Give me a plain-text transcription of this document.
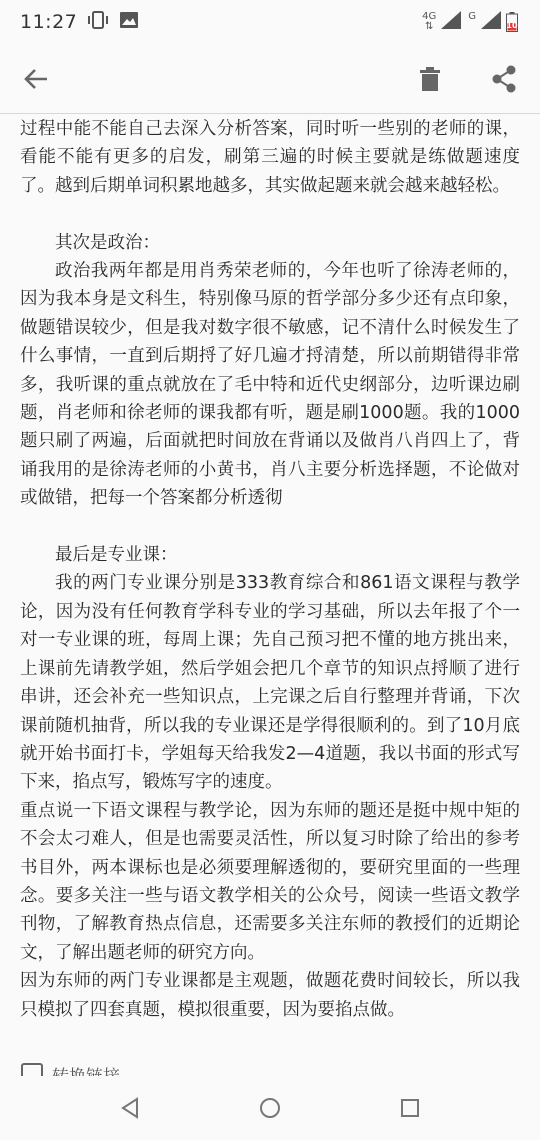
11:27	4G
⇅
G
10

过程中能不能自己去深入分析答案，同时听一些别的老师的课，看能不能有更多的启发，刷第三遍的时候主要就是练做题速度了。越到后期单词积累地越多，其实做起题来就会越来越轻松。

其次是政治：

政治我两年都是用肖秀荣老师的，今年也听了徐涛老师的，因为我本身是文科生，特别像马原的哲学部分多少还有点印象，做题错误较少，但是我对数字很不敏感，记不清什么时候发生了什么事情，一直到后期捋了好几遍才捋清楚，所以前期错得非常多，我听课的重点就放在了毛中特和近代史纲部分，边听课边刷题，肖老师和徐老师的课我都有听，题是刷1000题。我的1000题只刷了两遍，后面就把时间放在背诵以及做肖八肖四上了，背诵我用的是徐涛老师的小黄书，肖八主要分析选择题，不论做对或做错，把每一个答案都分析透彻

最后是专业课：

我的两门专业课分别是333教育综合和861语文课程与教学论，因为没有任何教育学科专业的学习基础，所以去年报了个一对一专业课的班，每周上课；先自己预习把不懂的地方挑出来，上课前先请教学姐，然后学姐会把几个章节的知识点捋顺了进行串讲，还会补充一些知识点，上完课之后自行整理并背诵，下次课前随机抽背，所以我的专业课还是学得很顺利的。到了10月底就开始书面打卡，学姐每天给我发2—4道题，我以书面的形式写下来，掐点写，锻炼写字的速度。

重点说一下语文课程与教学论，因为东师的题还是挺中规中矩的不会太刁难人，但是也需要灵活性，所以复习时除了给出的参考书目外，两本课标也是必须要理解透彻的，要研究里面的一些理念。要多关注一些与语文教学相关的公众号，阅读一些语文教学刊物，了解教育热点信息，还需要多关注东师的教授们的近期论文，了解出题老师的研究方向。

因为东师的两门专业课都是主观题，做题花费时间较长，所以我只模拟了四套真题，模拟很重要，因为要掐点做。
